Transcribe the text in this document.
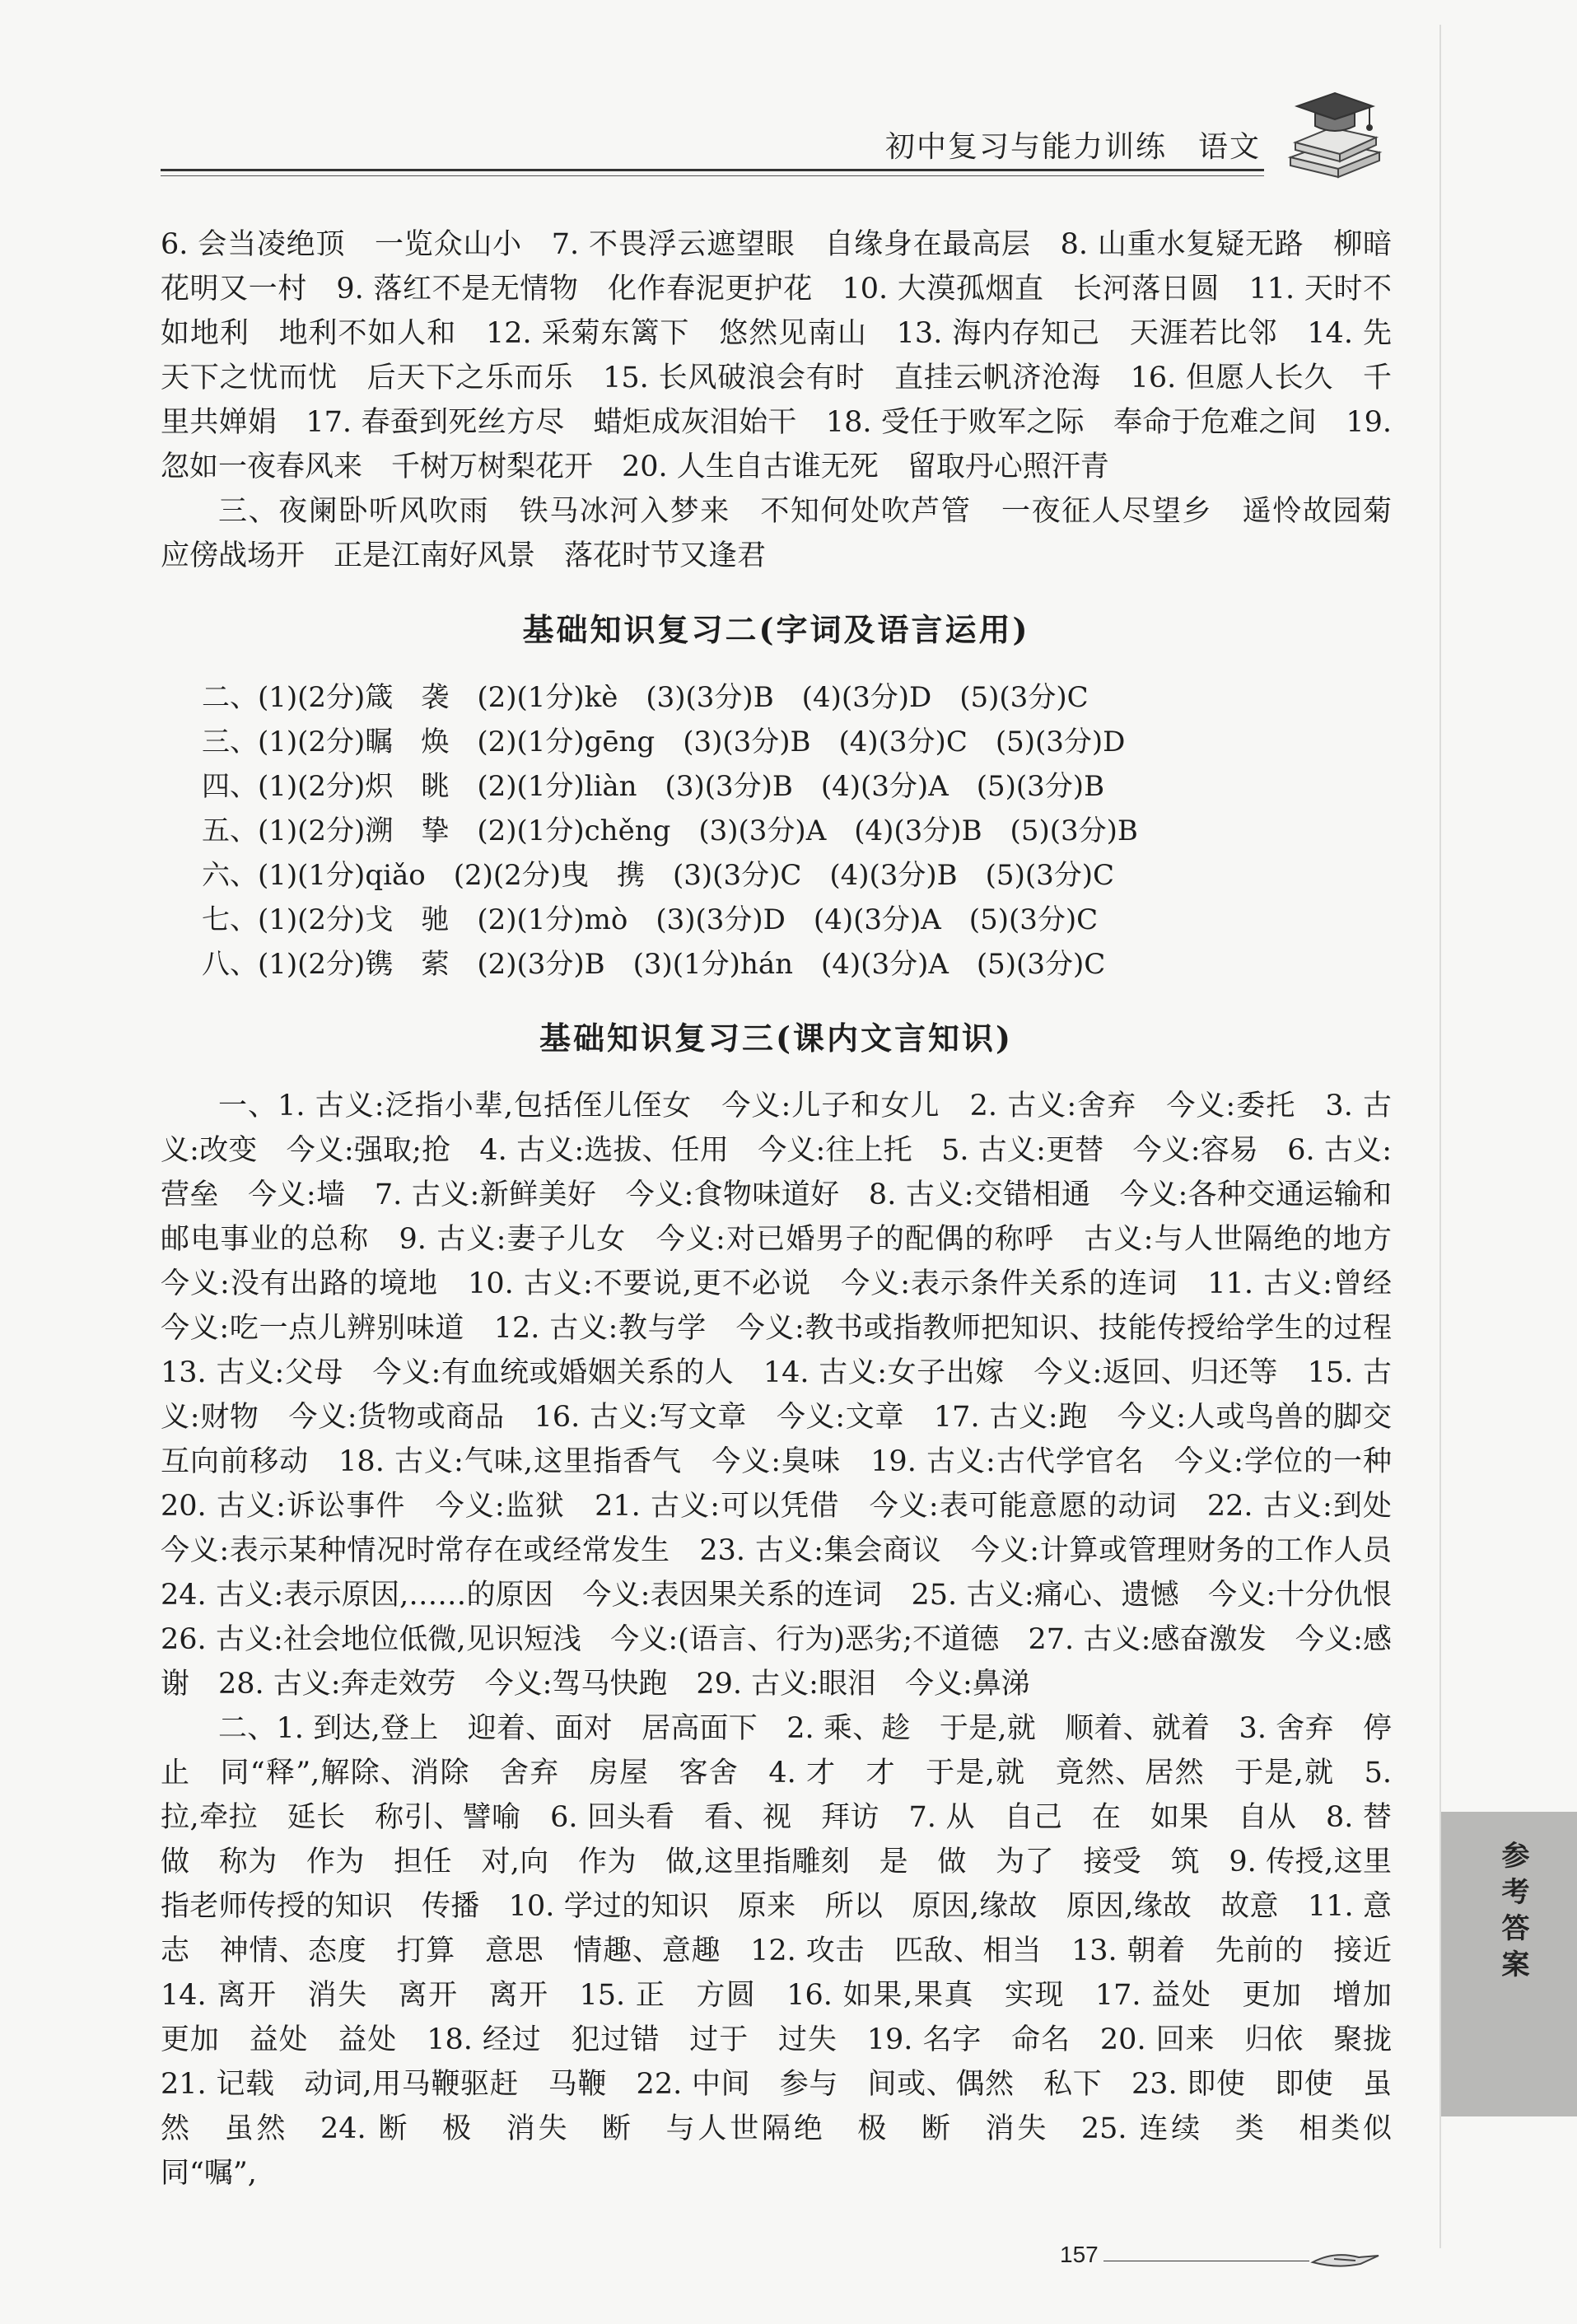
初中复习与能力训练　语文

6. 会当凌绝顶　一览众山小　7. 不畏浮云遮望眼　自缘身在最高层　8. 山重水复疑无路　柳暗花明又一村　9. 落红不是无情物　化作春泥更护花　10. 大漠孤烟直　长河落日圆　11. 天时不如地利　地利不如人和　12. 采菊东篱下　悠然见南山　13. 海内存知己　天涯若比邻　14. 先天下之忧而忧　后天下之乐而乐　15. 长风破浪会有时　直挂云帆济沧海　16. 但愿人长久　千里共婵娟　17. 春蚕到死丝方尽　蜡炬成灰泪始干　18. 受任于败军之际　奉命于危难之间　19. 忽如一夜春风来　千树万树梨花开　20. 人生自古谁无死　留取丹心照汗青

三、夜阑卧听风吹雨　铁马冰河入梦来　不知何处吹芦管　一夜征人尽望乡　遥怜故园菊　应傍战场开　正是江南好风景　落花时节又逢君

基础知识复习二(字词及语言运用)
二、(1)(2分)箴　袭　(2)(1分)kè　(3)(3分)B　(4)(3分)D　(5)(3分)C
三、(1)(2分)瞩　焕　(2)(1分)gēng　(3)(3分)B　(4)(3分)C　(5)(3分)D
四、(1)(2分)炽　眺　(2)(1分)liàn　(3)(3分)B　(4)(3分)A　(5)(3分)B
五、(1)(2分)溯　挚　(2)(1分)chěng　(3)(3分)A　(4)(3分)B　(5)(3分)B
六、(1)(1分)qiǎo　(2)(2分)曳　携　(3)(3分)C　(4)(3分)B　(5)(3分)C
七、(1)(2分)戈　驰　(2)(1分)mò　(3)(3分)D　(4)(3分)A　(5)(3分)C
八、(1)(2分)镌　萦　(2)(3分)B　(3)(1分)hán　(4)(3分)A　(5)(3分)C
基础知识复习三(课内文言知识)

一、1. 古义:泛指小辈,包括侄儿侄女　今义:儿子和女儿　2. 古义:舍弃　今义:委托　3. 古义:改变　今义:强取;抢　4. 古义:选拔、任用　今义:往上托　5. 古义:更替　今义:容易　6. 古义:营垒　今义:墙　7. 古义:新鲜美好　今义:食物味道好　8. 古义:交错相通　今义:各种交通运输和邮电事业的总称　9. 古义:妻子儿女　今义:对已婚男子的配偶的称呼　古义:与人世隔绝的地方　今义:没有出路的境地　10. 古义:不要说,更不必说　今义:表示条件关系的连词　11. 古义:曾经　今义:吃一点儿辨别味道　12. 古义:教与学　今义:教书或指教师把知识、技能传授给学生的过程　13. 古义:父母　今义:有血统或婚姻关系的人　14. 古义:女子出嫁　今义:返回、归还等　15. 古义:财物　今义:货物或商品　16. 古义:写文章　今义:文章　17. 古义:跑　今义:人或鸟兽的脚交互向前移动　18. 古义:气味,这里指香气　今义:臭味　19. 古义:古代学官名　今义:学位的一种　20. 古义:诉讼事件　今义:监狱　21. 古义:可以凭借　今义:表可能意愿的动词　22. 古义:到处　今义:表示某种情况时常存在或经常发生　23. 古义:集会商议　今义:计算或管理财务的工作人员　24. 古义:表示原因,……的原因　今义:表因果关系的连词　25. 古义:痛心、遗憾　今义:十分仇恨　26. 古义:社会地位低微,见识短浅　今义:(语言、行为)恶劣;不道德　27. 古义:感奋激发　今义:感谢　28. 古义:奔走效劳　今义:驾马快跑　29. 古义:眼泪　今义:鼻涕

二、1. 到达,登上　迎着、面对　居高面下　2. 乘、趁　于是,就　顺着、就着　3. 舍弃　停止　同“释”,解除、消除　舍弃　房屋　客舍　4. 才　才　于是,就　竟然、居然　于是,就　5. 拉,牵拉　延长　称引、譬喻　6. 回头看　看、视　拜访　7. 从　自己　在　如果　自从　8. 替　做　称为　作为　担任　对,向　作为　做,这里指雕刻　是　做　为了　接受　筑　9. 传授,这里指老师传授的知识　传播　10. 学过的知识　原来　所以　原因,缘故　原因,缘故　故意　11. 意志　神情、态度　打算　意思　情趣、意趣　12. 攻击　匹敌、相当　13. 朝着　先前的　接近　14. 离开　消失　离开　离开　15. 正　方圆　16. 如果,果真　实现　17. 益处　更加　增加　更加　益处　益处　18. 经过　犯过错　过于　过失　19. 名字　命名　20. 回来　归依　聚拢　21. 记载　动词,用马鞭驱赶　马鞭　22. 中间　参与　间或、偶然　私下　23. 即使　即使　虽然　虽然　24. 断　极　消失　断　与人世隔绝　极　断　消失　25. 连续　类　相类似　同“嘱”,

参考答案
157
